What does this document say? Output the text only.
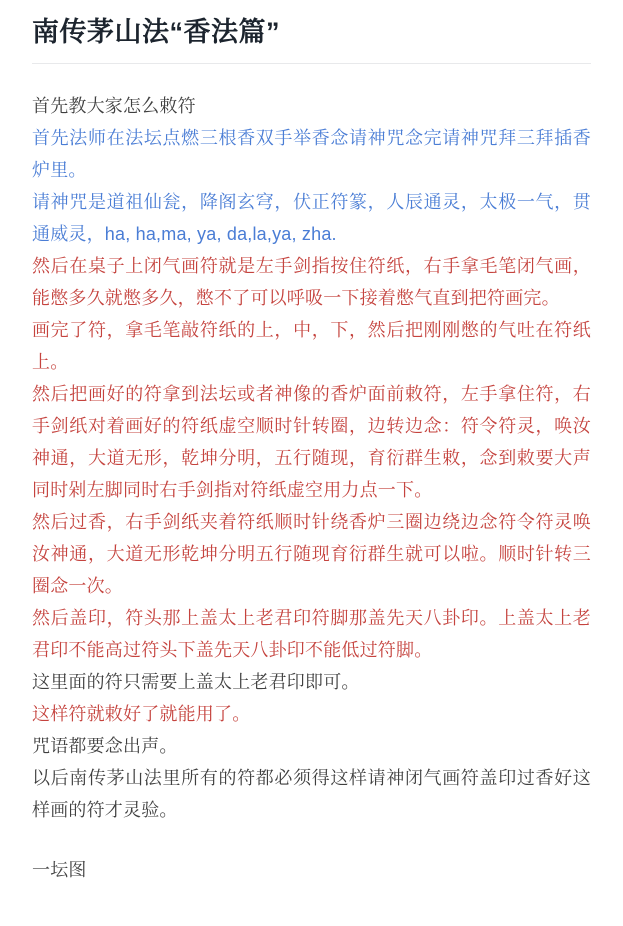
南传茅山法“香法篇”

首先教大家怎么敕符

首先法师在法坛点燃三根香双手举香念请神咒念完请神咒拜三拜插香炉里。

请神咒是道祖仙瓮，降阁玄穹，伏正符篆，人辰通灵，太极一气，贯通威灵，ha, ha,ma, ya, da,la,ya, zha.

然后在桌子上闭气画符就是左手剑指按住符纸，右手拿毛笔闭气画，能憋多久就憋多久，憋不了可以呼吸一下接着憋气直到把符画完。

画完了符，拿毛笔敲符纸的上，中，下，然后把刚刚憋的气吐在符纸上。

然后把画好的符拿到法坛或者神像的香炉面前敕符，左手拿住符，右手剑纸对着画好的符纸虚空顺时针转圈，边转边念：符令符灵，唤汝神通，大道无形，乾坤分明，五行随现，育衍群生敕，念到敕要大声同时剁左脚同时右手剑指对符纸虚空用力点一下。

然后过香，右手剑纸夹着符纸顺时针绕香炉三圈边绕边念符令符灵唤汝神通，大道无形乾坤分明五行随现育衍群生就可以啦。顺时针转三圈念一次。

然后盖印，符头那上盖太上老君印符脚那盖先天八卦印。上盖太上老君印不能高过符头下盖先天八卦印不能低过符脚。

这里面的符只需要上盖太上老君印即可。

这样符就敕好了就能用了。

咒语都要念出声。

以后南传茅山法里所有的符都必须得这样请神闭气画符盖印过香好这样画的符才灵验。

一坛图
